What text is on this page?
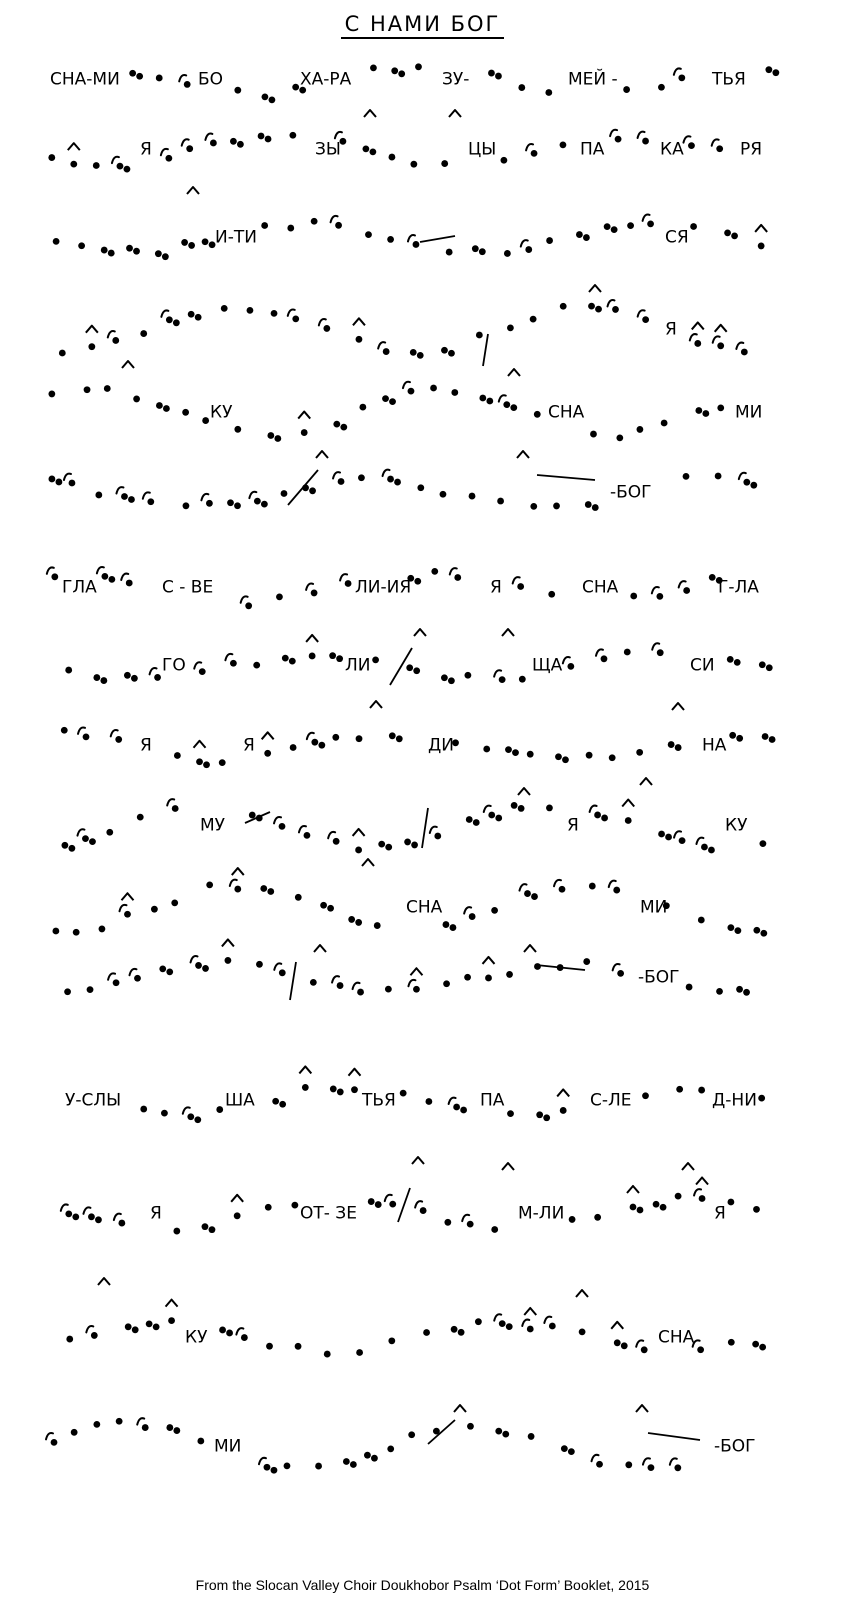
С НАМИ БОГ
From the Slocan Valley Choir Doukhobor Psalm ‘Dot Form’ Booklet, 2015
СНА-МИ	БО	ХА-РА	ЗУ-	МЕЙ -	ТЬЯ
Я	ЗЫ	ЦЫ	ПА	КА	РЯ
И-ТИ	СЯ
Я
КУ	СНА	МИ
-БОГ
ГЛА	С - ВЕ	ЛИ-ИЯ	Я	СНА	Г-ЛА
ГО	ЛИ	ЩА	СИ
Я	Я	ДИ	НА
МУ	Я	КУ
СНА	МИ
-БОГ
У-СЛЫ	ША	ТЬЯ	ПА	С-ЛЕ	Д-НИ
Я	ОТ- ЗЕ	М-ЛИ	Я
КУ	СНА
МИ	-БОГ
